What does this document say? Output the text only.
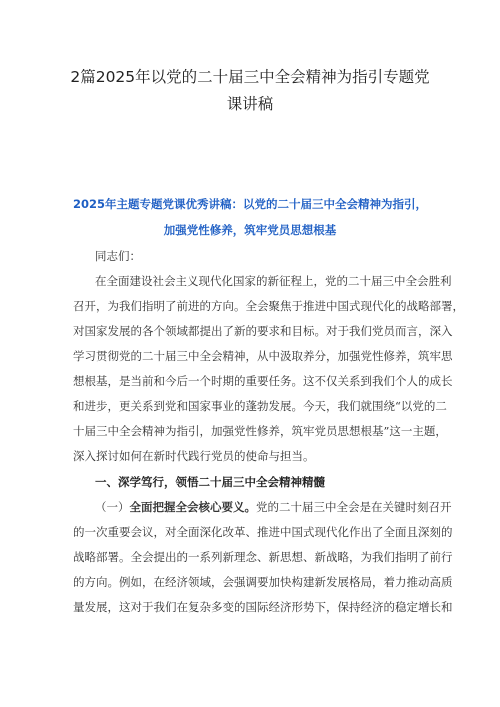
2篇2025年以党的二十届三中全会精神为指引专题党
课讲稿
2025年主题专题党课优秀讲稿：以党的二十届三中全会精神为指引，
加强党性修养，筑牢党员思想根基
同志们：
在全面建设社会主义现代化国家的新征程上，党的二十届三中全会胜利
召开，为我们指明了前进的方向。全会聚焦于推进中国式现代化的战略部署，
对国家发展的各个领域都提出了新的要求和目标。对于我们党员而言，深入
学习贯彻党的二十届三中全会精神，从中汲取养分，加强党性修养，筑牢思
想根基，是当前和今后一个时期的重要任务。这不仅关系到我们个人的成长
和进步，更关系到党和国家事业的蓬勃发展。今天，我们就围绕“以党的二
十届三中全会精神为指引，加强党性修养，筑牢党员思想根基”这一主题，
深入探讨如何在新时代践行党员的使命与担当。
一、深学笃行，领悟二十届三中全会精神精髓
（一）全面把握全会核心要义。党的二十届三中全会是在关键时刻召开
的一次重要会议，对全面深化改革、推进中国式现代化作出了全面且深刻的
战略部署。全会提出的一系列新理念、新思想、新战略，为我们指明了前行
的方向。例如，在经济领域，会强调要加快构建新发展格局，着力推动高质
量发展，这对于我们在复杂多变的国际经济形势下，保持经济的稳定增长和
